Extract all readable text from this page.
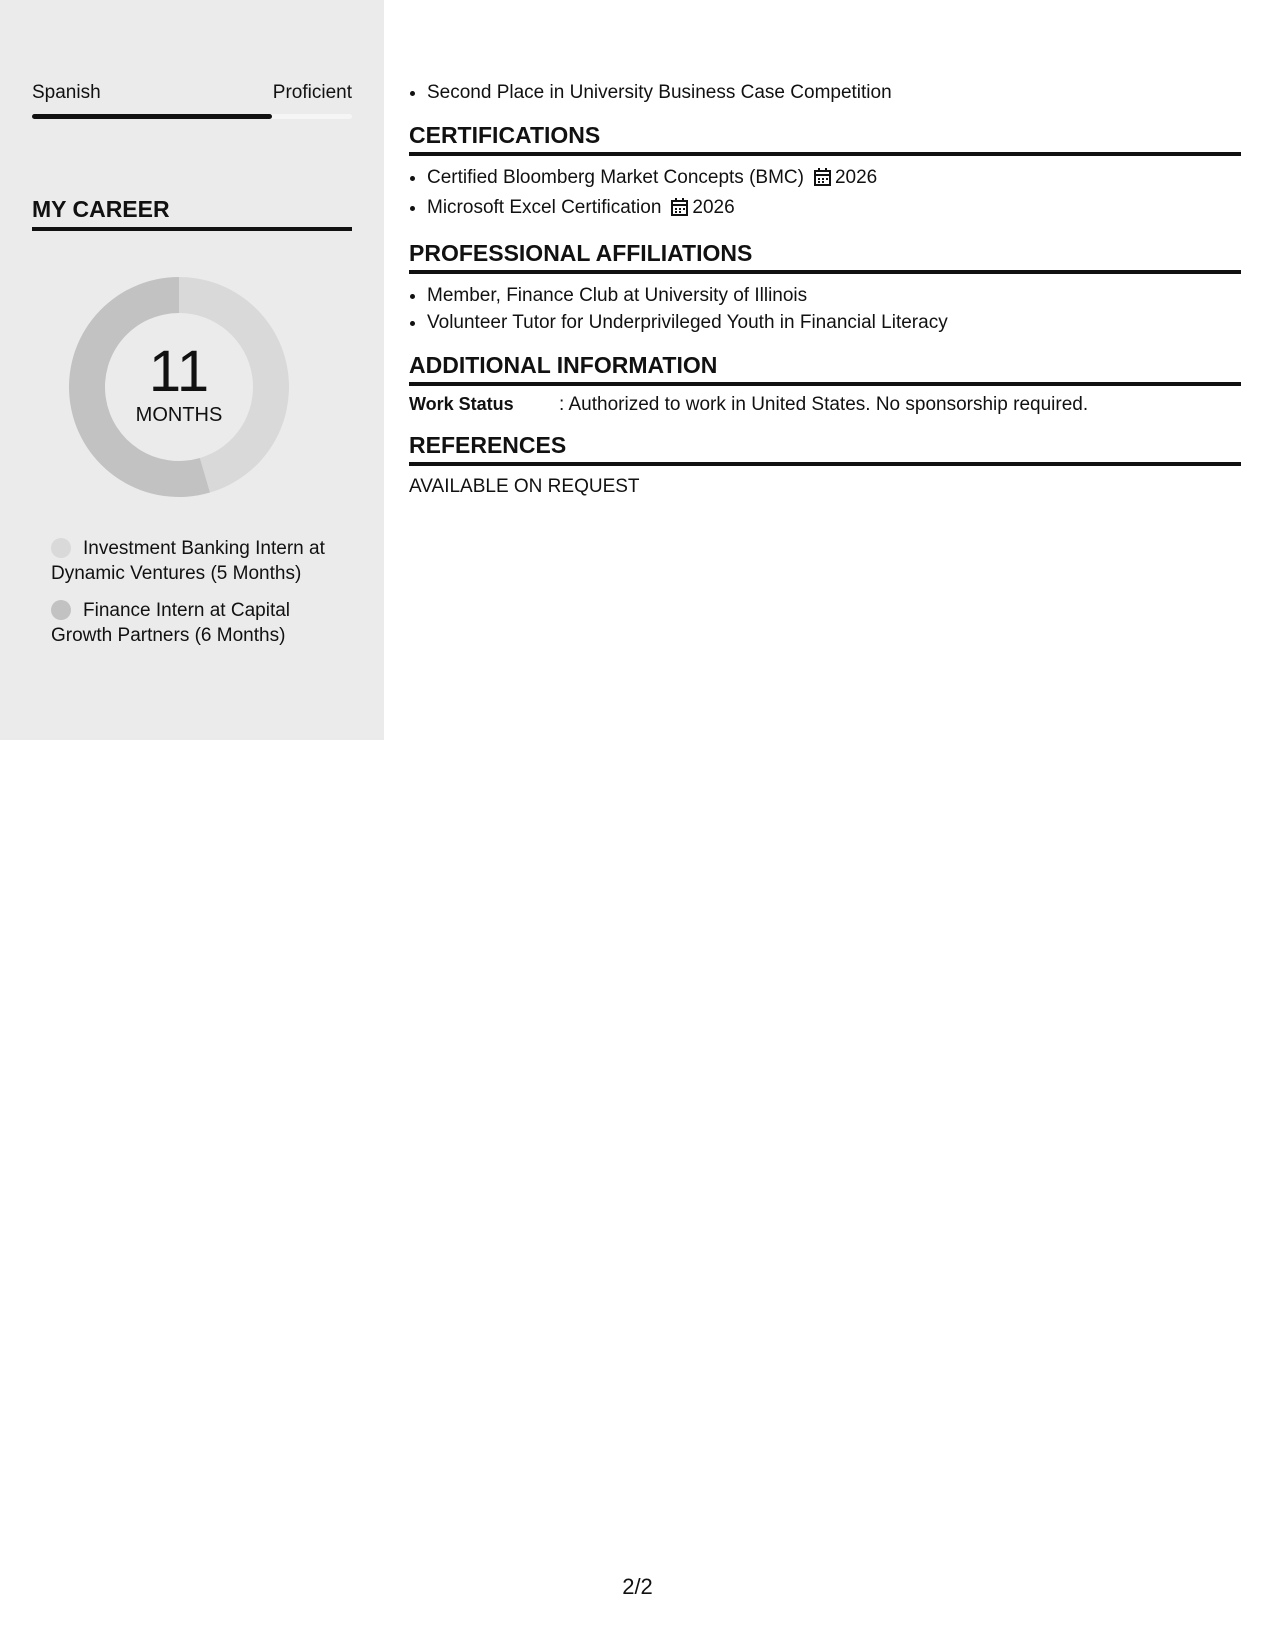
Spanish	Proficient
MY CAREER
11
MONTHS
Investment Banking Intern at Dynamic Ventures (5 Months)
Finance Intern at Capital Growth Partners (6 Months)
• Second Place in University Business Case Competition
CERTIFICATIONS
• Certified Bloomberg Market Concepts (BMC) 2026
• Microsoft Excel Certification 2026
PROFESSIONAL AFFILIATIONS
• Member, Finance Club at University of Illinois
• Volunteer Tutor for Underprivileged Youth in Financial Literacy
ADDITIONAL INFORMATION
Work Status	: Authorized to work in United States. No sponsorship required.
REFERENCES
AVAILABLE ON REQUEST
2/2
